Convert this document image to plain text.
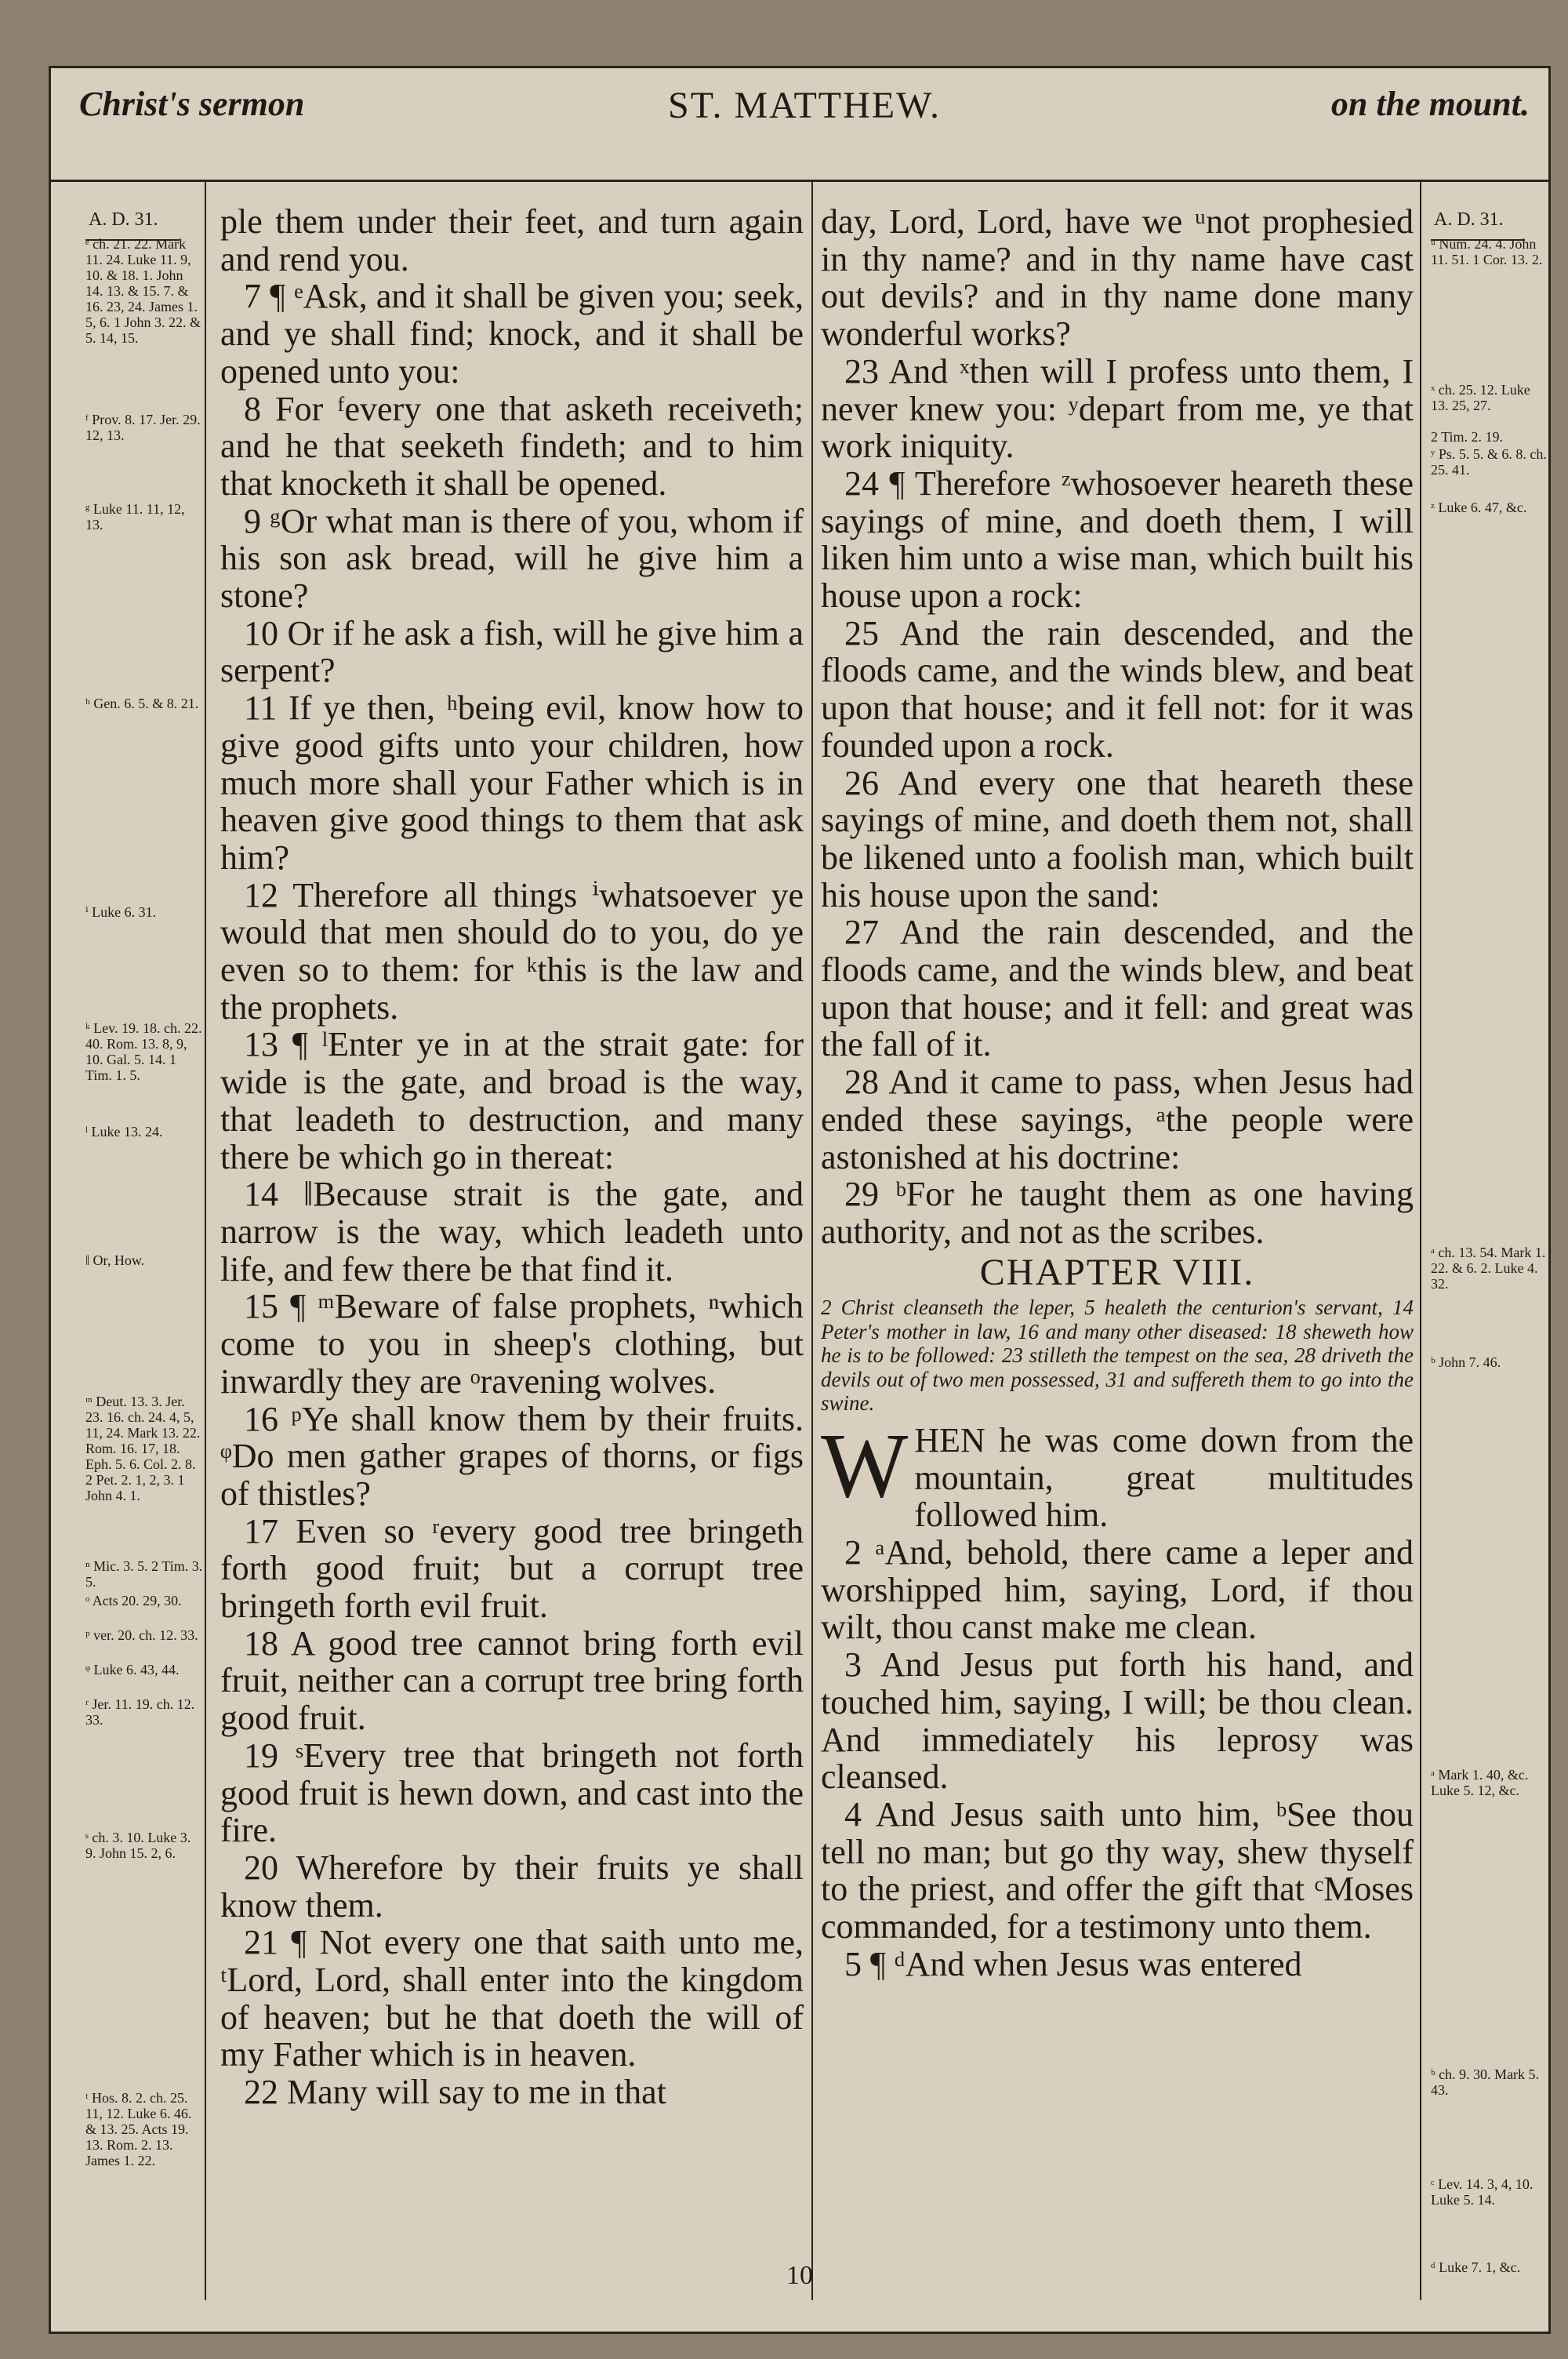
Christ's sermon	ST. MATTHEW.	on the mount.
A. D. 31.	A. D. 31.
ᵉ ch. 21. 22. Mark 11. 24. Luke 11. 9, 10. & 18. 1. John 14. 13. & 15. 7. & 16. 23, 24. James 1. 5, 6. 1 John 3. 22. & 5. 14, 15.
ᶠ Prov. 8. 17. Jer. 29. 12, 13.
ᵍ Luke 11. 11, 12, 13.
ʰ Gen. 6. 5. & 8. 21.
ⁱ Luke 6. 31.
ᵏ Lev. 19. 18. ch. 22. 40. Rom. 13. 8, 9, 10. Gal. 5. 14. 1 Tim. 1. 5.
ˡ Luke 13. 24.
‖ Or, How.
ᵐ Deut. 13. 3. Jer. 23. 16. ch. 24. 4, 5, 11, 24. Mark 13. 22. Rom. 16. 17, 18. Eph. 5. 6. Col. 2. 8. 2 Pet. 2. 1, 2, 3. 1 John 4. 1.
ⁿ Mic. 3. 5. 2 Tim. 3. 5.
ᵒ Acts 20. 29, 30.
ᵖ ver. 20. ch. 12. 33.
ᵠ Luke 6. 43, 44.
ʳ Jer. 11. 19. ch. 12. 33.
ˢ ch. 3. 10. Luke 3. 9. John 15. 2, 6.
ᵗ Hos. 8. 2. ch. 25. 11, 12. Luke 6. 46. & 13. 25. Acts 19. 13. Rom. 2. 13. James 1. 22.
ᵘ Num. 24. 4. John 11. 51. 1 Cor. 13. 2.
ˣ ch. 25. 12. Luke 13. 25, 27.
2 Tim. 2. 19.
ʸ Ps. 5. 5. & 6. 8. ch. 25. 41.
ᶻ Luke 6. 47, &c.
ᵃ ch. 13. 54. Mark 1. 22. & 6. 2. Luke 4. 32.
ᵇ John 7. 46.
ᵃ Mark 1. 40, &c. Luke 5. 12, &c.
ᵇ ch. 9. 30. Mark 5. 43.
ᶜ Lev. 14. 3, 4, 10. Luke 5. 14.
ᵈ Luke 7. 1, &c.

ple them under their feet, and turn again and rend you.

7 ¶ ᵉAsk, and it shall be given you; seek, and ye shall find; knock, and it shall be opened unto you:

8 For ᶠevery one that asketh receiveth; and he that seeketh findeth; and to him that knocketh it shall be opened.

9 ᵍOr what man is there of you, whom if his son ask bread, will he give him a stone?

10 Or if he ask a fish, will he give him a serpent?

11 If ye then, ʰbeing evil, know how to give good gifts unto your children, how much more shall your Father which is in heaven give good things to them that ask him?

12 Therefore all things ⁱwhatsoever ye would that men should do to you, do ye even so to them: for ᵏthis is the law and the prophets.

13 ¶ ˡEnter ye in at the strait gate: for wide is the gate, and broad is the way, that leadeth to destruction, and many there be which go in thereat:

14 ‖Because strait is the gate, and narrow is the way, which leadeth unto life, and few there be that find it.

15 ¶ ᵐBeware of false prophets, ⁿwhich come to you in sheep's clothing, but inwardly they are ᵒravening wolves.

16 ᵖYe shall know them by their fruits. ᵠDo men gather grapes of thorns, or figs of thistles?

17 Even so ʳevery good tree bringeth forth good fruit; but a corrupt tree bringeth forth evil fruit.

18 A good tree cannot bring forth evil fruit, neither can a corrupt tree bring forth good fruit.

19 ˢEvery tree that bringeth not forth good fruit is hewn down, and cast into the fire.

20 Wherefore by their fruits ye shall know them.

21 ¶ Not every one that saith unto me, ᵗLord, Lord, shall enter into the kingdom of heaven; but he that doeth the will of my Father which is in heaven.

22 Many will say to me in that

day, Lord, Lord, have we ᵘnot prophesied in thy name? and in thy name have cast out devils? and in thy name done many wonderful works?

23 And ˣthen will I profess unto them, I never knew you: ʸdepart from me, ye that work iniquity.

24 ¶ Therefore ᶻwhosoever heareth these sayings of mine, and doeth them, I will liken him unto a wise man, which built his house upon a rock:

25 And the rain descended, and the floods came, and the winds blew, and beat upon that house; and it fell not: for it was founded upon a rock.

26 And every one that heareth these sayings of mine, and doeth them not, shall be likened unto a foolish man, which built his house upon the sand:

27 And the rain descended, and the floods came, and the winds blew, and beat upon that house; and it fell: and great was the fall of it.

28 And it came to pass, when Jesus had ended these sayings, ᵃthe people were astonished at his doctrine:

29 ᵇFor he taught them as one having authority, and not as the scribes.

CHAPTER VIII.
2 Christ cleanseth the leper, 5 healeth the centurion's servant, 14 Peter's mother in law, 16 and many other diseased: 18 sheweth how he is to be followed: 23 stilleth the tempest on the sea, 28 driveth the devils out of two men possessed, 31 and suffereth them to go into the swine.

WHEN he was come down from the mountain, great multitudes followed him.

2 ᵃAnd, behold, there came a leper and worshipped him, saying, Lord, if thou wilt, thou canst make me clean.

3 And Jesus put forth his hand, and touched him, saying, I will; be thou clean. And immediately his leprosy was cleansed.

4 And Jesus saith unto him, ᵇSee thou tell no man; but go thy way, shew thyself to the priest, and offer the gift that ᶜMoses commanded, for a testimony unto them.

5 ¶ ᵈAnd when Jesus was entered

10
